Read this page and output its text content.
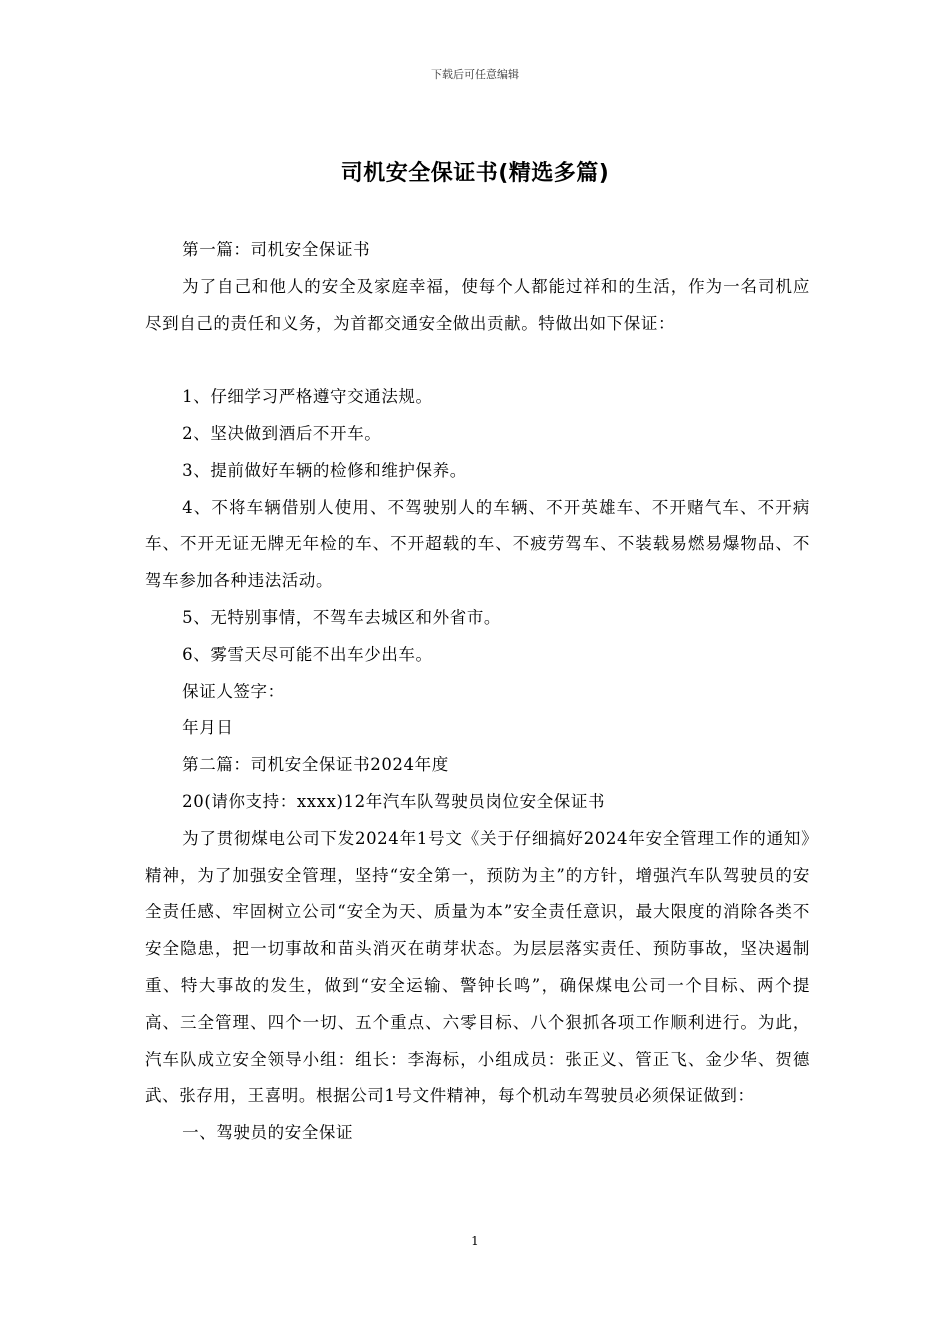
下载后可任意编辑
司机安全保证书(精选多篇)

第一篇：司机安全保证书

为了自己和他人的安全及家庭幸福，使每个人都能过祥和的生活，作为一名司机应尽到自己的责任和义务，为首都交通安全做出贡献。特做出如下保证：

1、仔细学习严格遵守交通法规。

2、坚决做到酒后不开车。

3、提前做好车辆的检修和维护保养。

4、不将车辆借别人使用、不驾驶别人的车辆、不开英雄车、不开赌气车、不开病车、不开无证无牌无年检的车、不开超载的车、不疲劳驾车、不装载易燃易爆物品、不驾车参加各种违法活动。

5、无特别事情，不驾车去城区和外省市。

6、雾雪天尽可能不出车少出车。

保证人签字：

年月日

第二篇：司机安全保证书2024年度

20(请你支持：xxxx)12年汽车队驾驶员岗位安全保证书

为了贯彻煤电公司下发2024年1号文《关于仔细搞好2024年安全管理工作的通知》精神，为了加强安全管理，坚持“安全第一，预防为主”的方针，增强汽车队驾驶员的安全责任感、牢固树立公司“安全为天、质量为本”安全责任意识，最大限度的消除各类不安全隐患，把一切事故和苗头消灭在萌芽状态。为层层落实责任、预防事故，坚决遏制重、特大事故的发生，做到“安全运输、警钟长鸣”，确保煤电公司一个目标、两个提高、三全管理、四个一切、五个重点、六零目标、八个狠抓各项工作顺利进行。为此，汽车队成立安全领导小组：组长：李海标，小组成员：张正义、管正飞、金少华、贺德武、张存用，王喜明。根据公司1号文件精神，每个机动车驾驶员必须保证做到：

一、驾驶员的安全保证

1
